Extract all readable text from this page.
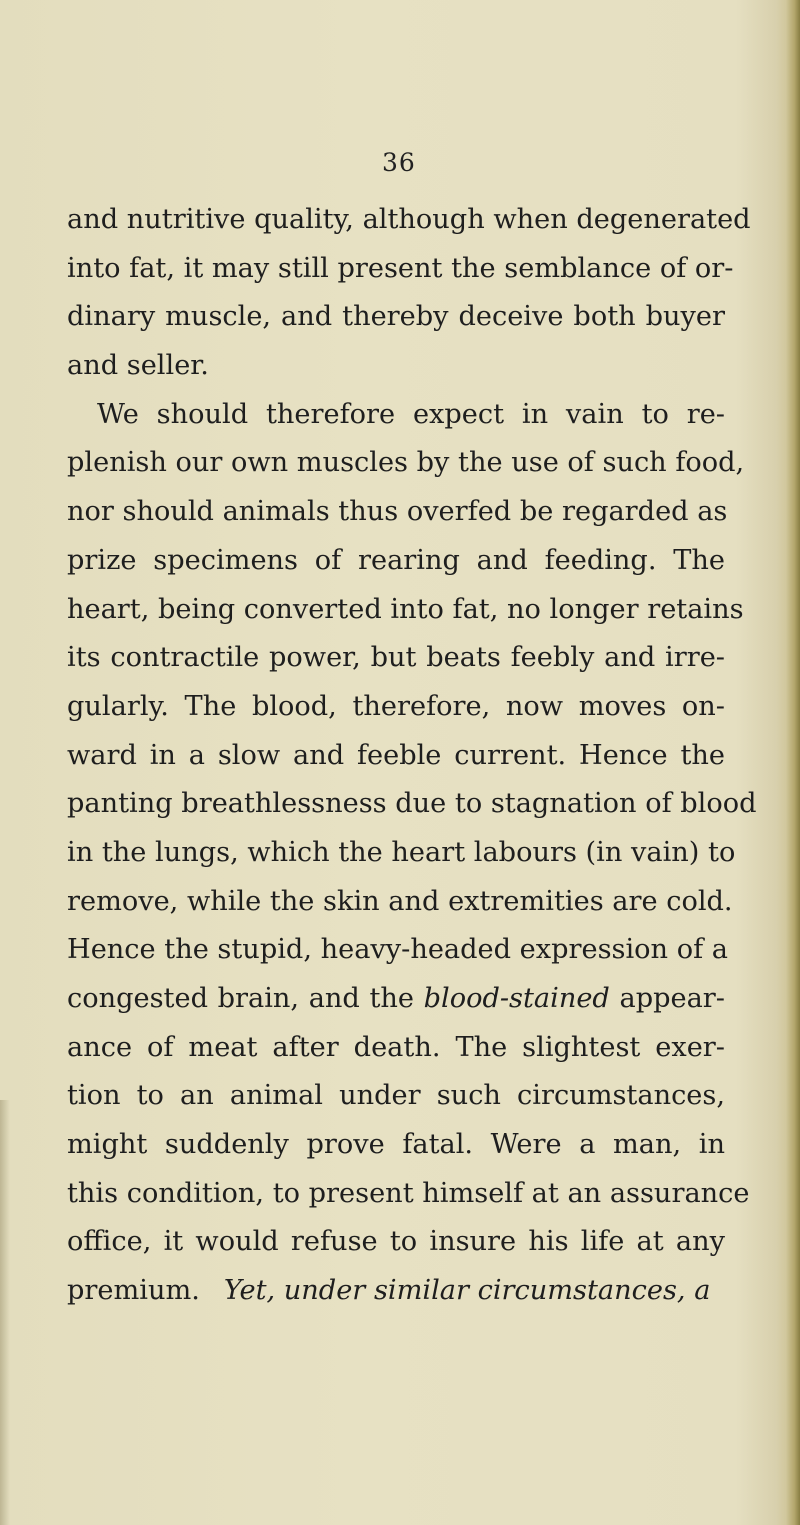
36
and nutritive quality, although when degenerated
into fat, it may still present the semblance of or-
dinary muscle, and thereby deceive both buyer
and seller.
We should therefore expect in vain to re-
plenish our own muscles by the use of such food,
nor should animals thus overfed be regarded as
prize specimens of rearing and feeding. The
heart, being converted into fat, no longer retains
its contractile power, but beats feebly and irre-
gularly. The blood, therefore, now moves on-
ward in a slow and feeble current. Hence the
panting breathlessness due to stagnation of blood
in the lungs, which the heart labours (in vain) to
remove, while the skin and extremities are cold.
Hence the stupid, heavy-headed expression of a
congested brain, and the blood-stained appear-
ance of meat after death. The slightest exer-
tion to an animal under such circumstances,
might suddenly prove fatal. Were a man, in
this condition, to present himself at an assurance
office, it would refuse to insure his life at any
premium. Yet, under similar circumstances, a
